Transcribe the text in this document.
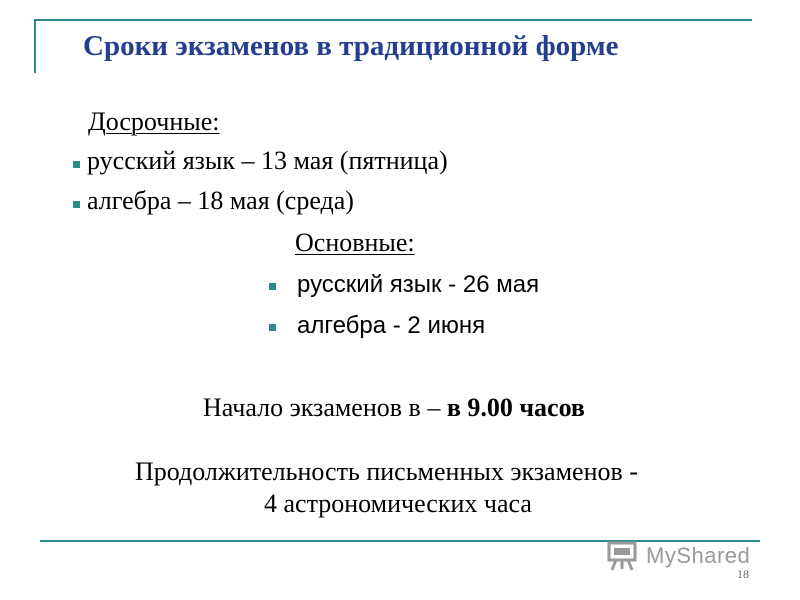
Сроки экзаменов в традиционной форме
Досрочные:
русский язык – 13 мая (пятница)
алгебра – 18 мая (среда)
Основные:
русский язык - 26 мая
алгебра - 2 июня
Начало экзаменов в – в 9.00 часов
Продолжительность письменных экзаменов -
4 астрономических часа
MyShared
18
